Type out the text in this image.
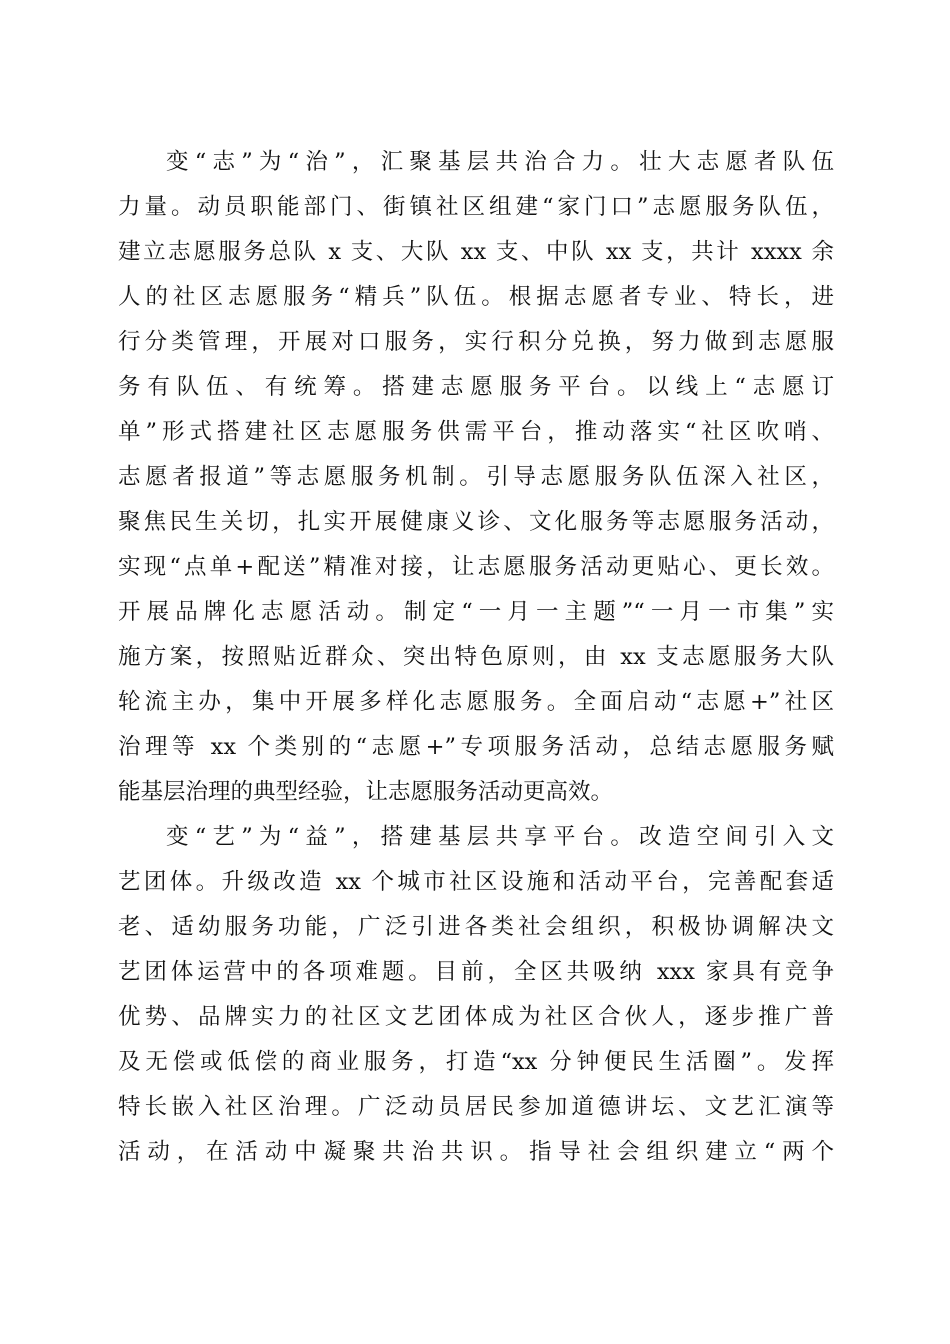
变“志”为“治”，汇聚基层共治合力。壮大志愿者队伍
力量。动员职能部门、街镇社区组建“家门口”志愿服务队伍，
建立志愿服务总队 x 支、大队 xx 支、中队 xx 支，共计 xxxx 余
人的社区志愿服务“精兵”队伍。根据志愿者专业、特长，进
行分类管理，开展对口服务，实行积分兑换，努力做到志愿服
务有队伍、有统筹。搭建志愿服务平台。以线上“志愿订
单”形式搭建社区志愿服务供需平台，推动落实“社区吹哨、
志愿者报道”等志愿服务机制。引导志愿服务队伍深入社区，
聚焦民生关切，扎实开展健康义诊、文化服务等志愿服务活动，
实现“点单+配送”精准对接，让志愿服务活动更贴心、更长效。
开展品牌化志愿活动。制定“一月一主题”“一月一市集”实
施方案，按照贴近群众、突出特色原则，由 xx 支志愿服务大队
轮流主办，集中开展多样化志愿服务。全面启动“志愿+”社区
治理等 xx 个类别的“志愿+”专项服务活动，总结志愿服务赋
能基层治理的典型经验，让志愿服务活动更高效。
变“艺”为“益”，搭建基层共享平台。改造空间引入文
艺团体。升级改造 xx 个城市社区设施和活动平台，完善配套适
老、适幼服务功能，广泛引进各类社会组织，积极协调解决文
艺团体运营中的各项难题。目前，全区共吸纳 xxx 家具有竞争
优势、品牌实力的社区文艺团体成为社区合伙人，逐步推广普
及无偿或低偿的商业服务，打造“xx 分钟便民生活圈”。发挥
特长嵌入社区治理。广泛动员居民参加道德讲坛、文艺汇演等
活动，在活动中凝聚共治共识。指导社会组织建立“两个
